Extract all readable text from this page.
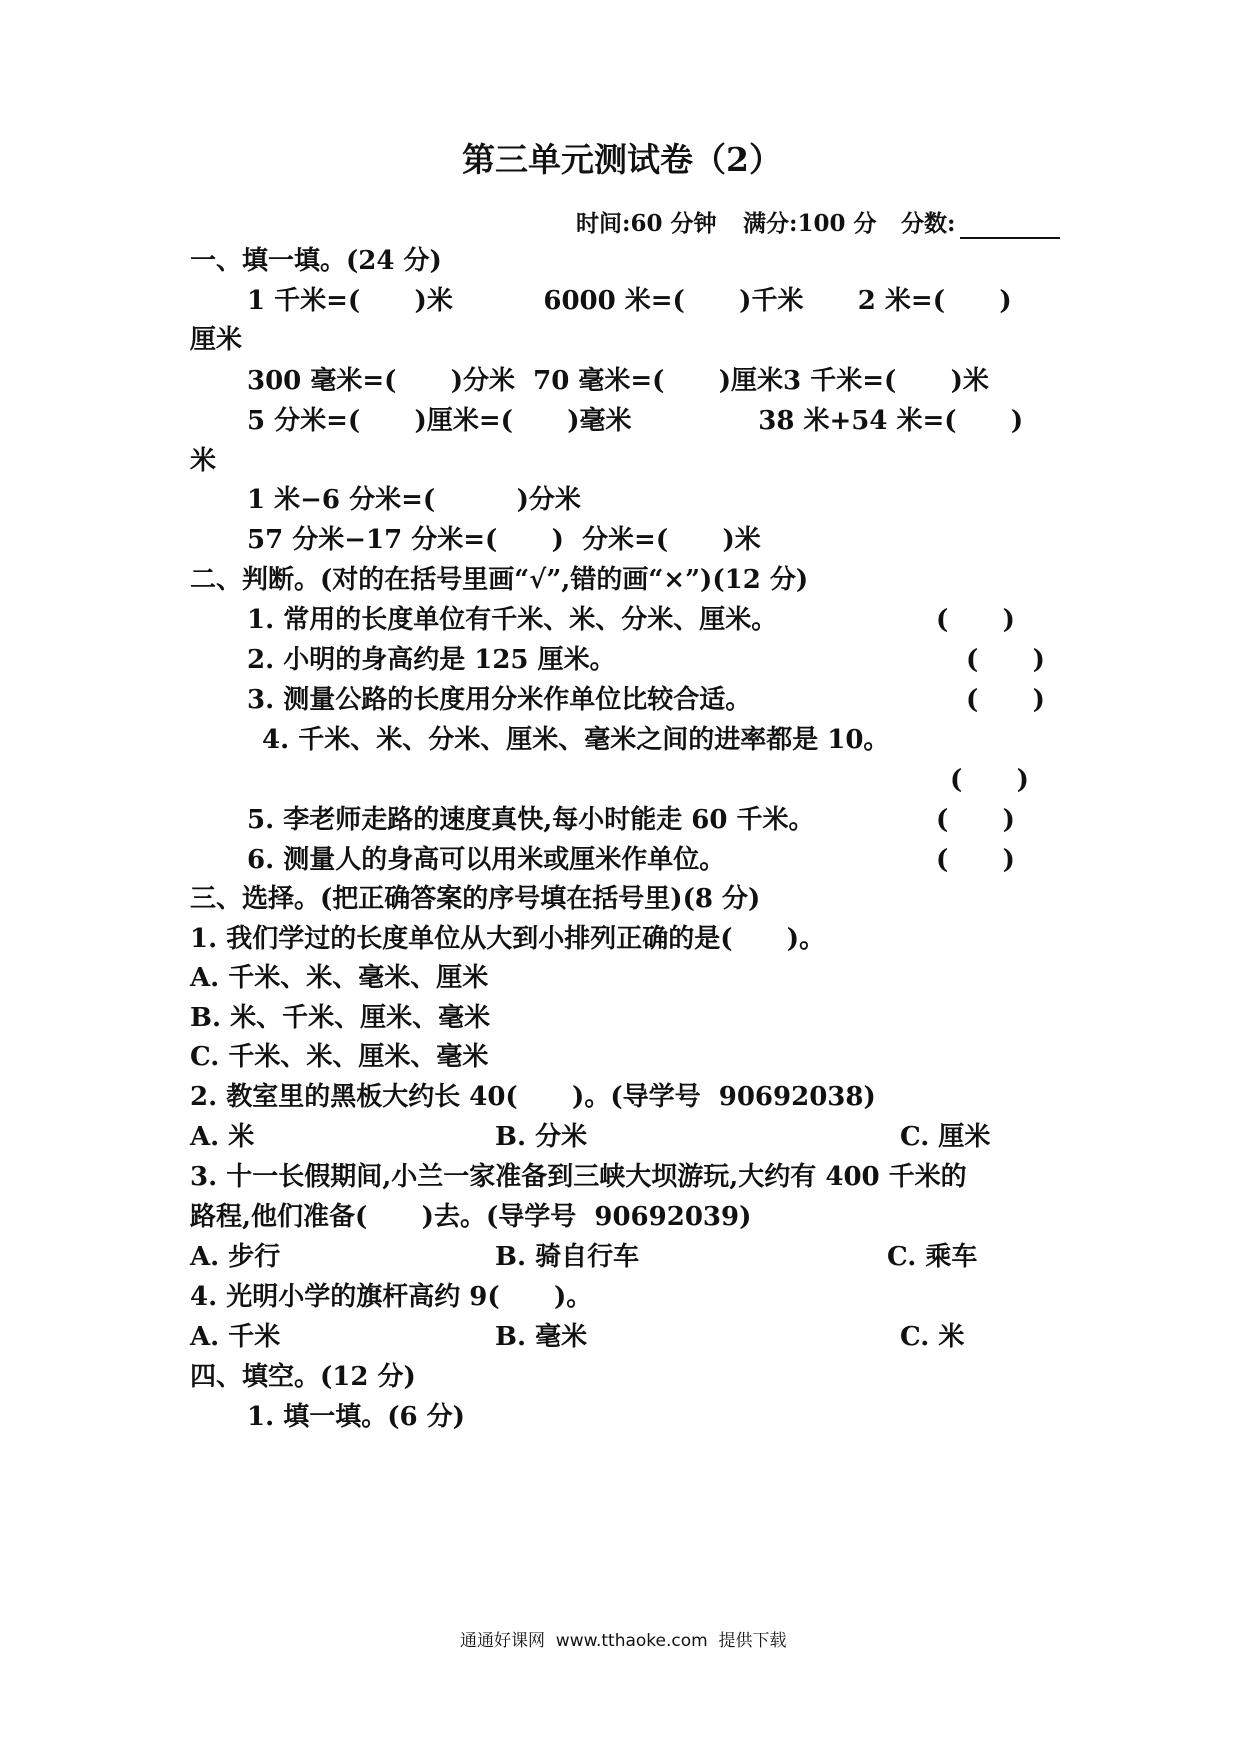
第三单元测试卷（2）
时间:60 分钟 满分:100 分 分数:
一、填一填。(24 分)
1 千米=(      )米          6000 米=(      )千米      2 米=(      )
厘米
300 毫米=(      )分米  70 毫米=(      )厘米3 千米=(      )米
5 分米=(      )厘米=(      )毫米              38 米+54 米=(      )
米
1 米−6 分米=(         )分米
57 分米−17 分米=(      )  分米=(      )米
二、判断。(对的在括号里画“√”,错的画“×”)(12 分)
1. 常用的长度单位有千米、米、分米、厘米。	(      )
2. 小明的身高约是 125 厘米。	(      )
3. 测量公路的长度用分米作单位比较合适。	(      )
4. 千米、米、分米、厘米、毫米之间的进率都是 10。
(      )
5. 李老师走路的速度真快,每小时能走 60 千米。	(      )
6. 测量人的身高可以用米或厘米作单位。	(      )
三、选择。(把正确答案的序号填在括号里)(8 分)
1. 我们学过的长度单位从大到小排列正确的是(      )。
A. 千米、米、毫米、厘米
B. 米、千米、厘米、毫米
C. 千米、米、厘米、毫米
2. 教室里的黑板大约长 40(      )。(导学号  90692038)
A. 米	B. 分米	C. 厘米
3. 十一长假期间,小兰一家准备到三峡大坝游玩,大约有 400 千米的
路程,他们准备(      )去。(导学号  90692039)
A. 步行	B. 骑自行车	C. 乘车
4. 光明小学的旗杆高约 9(      )。
A. 千米	B. 毫米	C. 米
四、填空。(12 分)
1. 填一填。(6 分)
通通好课网  www.tthaoke.com  提供下载
